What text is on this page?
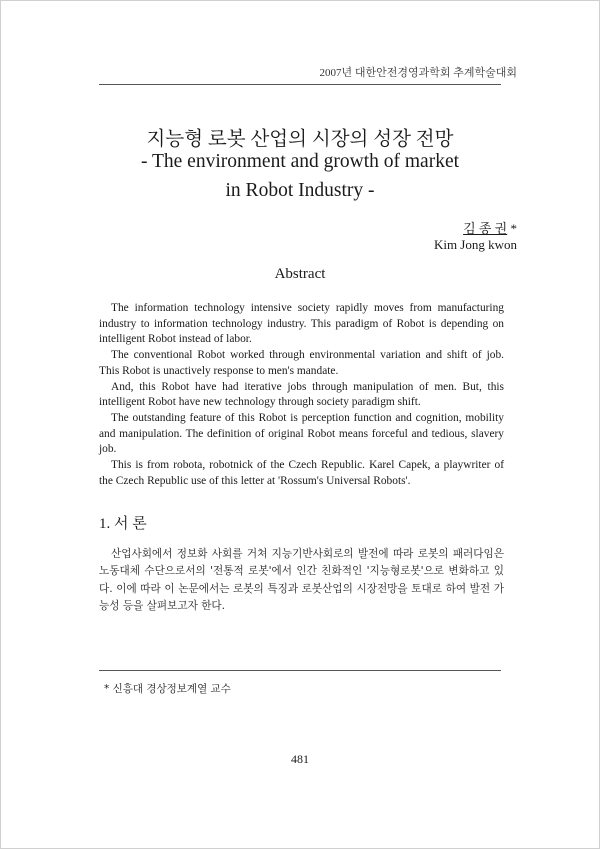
2007년 대한안전경영과학회 추계학술대회
지능형 로봇 산업의 시장의 성장 전망
- The environment and growth of market
in Robot Industry -
김 종 권 *
Kim Jong kwon
Abstract

The information technology intensive society rapidly moves from manufacturing industry to information technology industry. This paradigm of Robot is depending on intelligent Robot instead of labor.

The conventional Robot worked through environmental variation and shift of job. This Robot is unactively response to men's mandate.

And, this Robot have had iterative jobs through manipulation of men. But, this intelligent Robot have new technology through society paradigm shift.

The outstanding feature of this Robot is perception function and cognition, mobility and manipulation. The definition of original Robot means forceful and tedious, slavery job.

This is from robota, robotnick of the Czech Republic. Karel Capek, a playwriter of the Czech Republic use of this letter at 'Rossum's Universal Robots'.

1. 서 론

산업사회에서 정보화 사회를 거쳐 지능기반사회로의 발전에 따라 로봇의 패러다임은 노동대체 수단으로서의 '전통적 로봇'에서 인간 친화적인 '지능형로봇'으로 변화하고 있다. 이에 따라 이 논문에서는 로봇의 특징과 로봇산업의 시장전망을 토대로 하여 발전 가능성 등을 살펴보고자 한다.

* 신흥대 경상정보계열 교수
481
